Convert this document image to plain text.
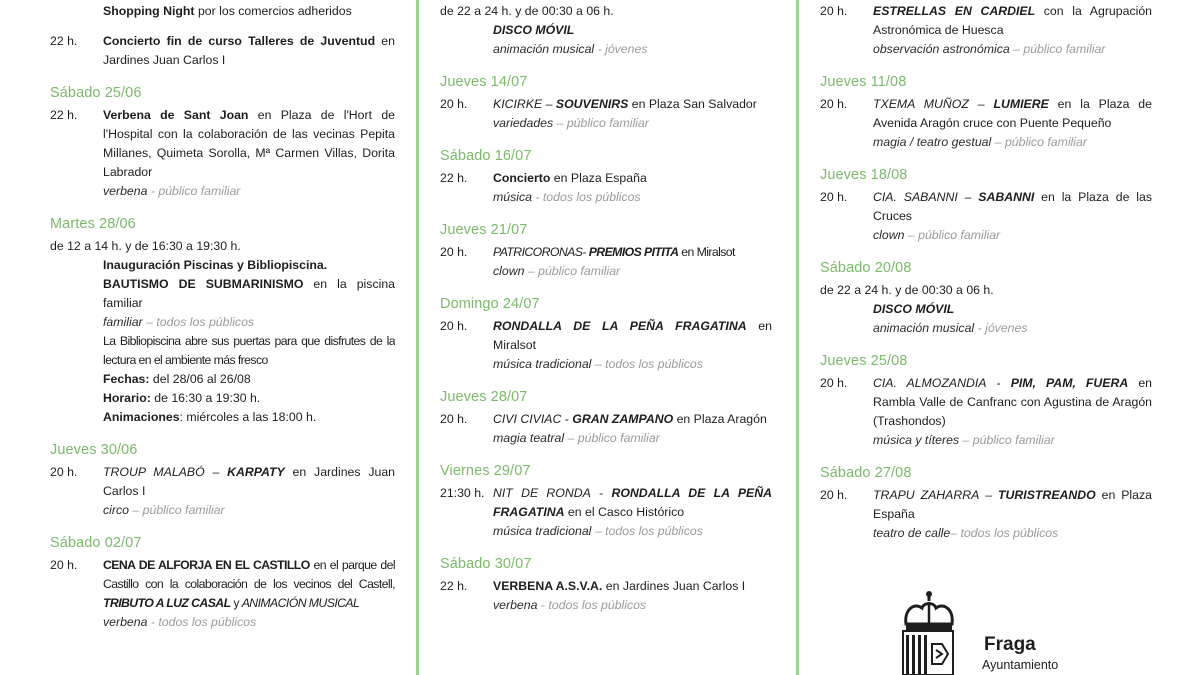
Shopping Night por los comercios adheridos
22 h.	Concierto fin de curso Talleres de Juventud en Jardines Juan Carlos I
Sábado 25/06
22 h.	Verbena de Sant Joan en Plaza de l'Hort de l'Hospital con la colaboración de las vecinas Pepita Millanes, Quimeta Sorolla, Mª Carmen Villas, Dorita Labrador
verbena - público familiar
Martes 28/06
de 12 a 14 h. y de 16:30 a 19:30 h.
Inauguración Piscinas y Bibliopiscina.
BAUTISMO DE SUBMARINISMO en la piscina familiar
familiar – todos los públicos
La Bibliopiscina abre sus puertas para que disfrutes de la lectura en el ambiente más fresco
Fechas: del 28/06 al 26/08
Horario: de 16:30 a 19:30 h.
Animaciones: miércoles a las 18:00 h.
Jueves 30/06
20 h.	TROUP MALABÓ – KARPATY en Jardines Juan Carlos I
circo – público familiar
Sábado 02/07
20 h.	CENA DE ALFORJA EN EL CASTILLO en el parque del Castillo con la colaboración de los vecinos del Castell, TRIBUTO A LUZ CASAL y ANIMACIÓN MUSICAL
verbena - todos los públicos
de 22 a 24 h. y de 00:30 a 06 h.
DISCO MÓVIL
animación musical - jóvenes
Jueves 14/07
20 h.	KICIRKE – SOUVENIRS en Plaza San Salvador
variedades – público familiar
Sábado 16/07
22 h.	Concierto en Plaza España
música - todos los públicos
Jueves 21/07
20 h.	PATRICORONAS- PREMIOS PITITA en Miralsot
clown – público familiar
Domingo 24/07
20 h.	RONDALLA DE LA PEÑA FRAGATINA en Miralsot
música tradicional – todos los públicos
Jueves 28/07
20 h.	CIVI CIVIAC - GRAN ZAMPANO en Plaza Aragón
magia teatral – público familiar
Viernes 29/07
21:30 h. NIT DE RONDA - RONDALLA DE LA PEÑA FRAGATINA en el Casco Histórico
música tradicional – todos los públicos
Sábado 30/07
22 h.	VERBENA A.S.V.A. en Jardines Juan Carlos I
verbena - todos los públicos
20 h.	ESTRELLAS EN CARDIEL con la Agrupación Astronómica de Huesca
observación astronómica – público familiar
Jueves 11/08
20 h.	TXEMA MUÑOZ – LUMIERE en la Plaza de Avenida Aragón cruce con Puente Pequeño
magia / teatro gestual – público familiar
Jueves 18/08
20 h.	CIA. SABANNI – SABANNI en la Plaza de las Cruces
clown – público familiar
Sábado 20/08
de 22 a 24 h. y de 00:30 a 06 h.
DISCO MÓVIL
animación musical - jóvenes
Jueves 25/08
20 h.	CIA. ALMOZANDIA - PIM, PAM, FUERA en Rambla Valle de Canfranc con Agustina de Aragón (Trashondos)
música y títeres – público familiar
Sábado 27/08
20 h.	TRAPU ZAHARRA – TURISTREANDO en Plaza España
teatro de calle– todos los públicos
Fraga
Ayuntamiento
